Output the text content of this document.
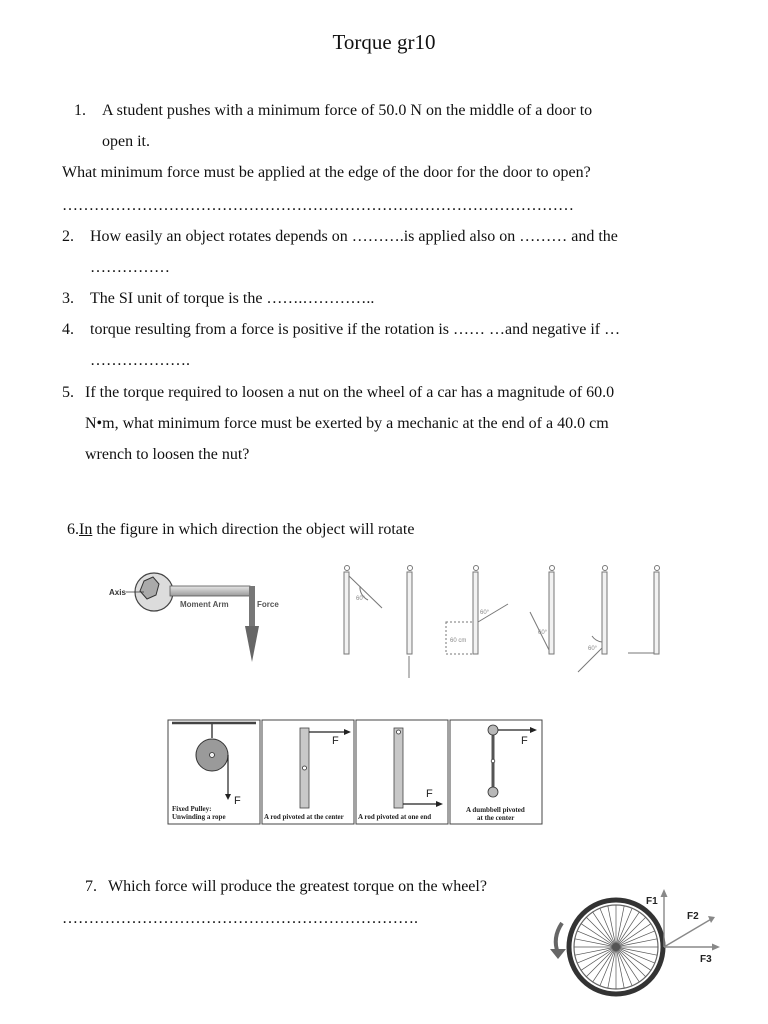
Torque gr10
1. A student pushes with a minimum force of 50.0 N on the middle of a door to
open it.
What minimum force must be applied at the edge of the door for the door to open?
……………………………………………………………………………………
2. How easily an object rotates depends on ……….is applied also on ……… and the
……………
3. The SI unit of torque is the …….…………..
4. torque resulting from a force is positive if the rotation is …… …and negative if …
……………….
5. If the torque required to loosen a nut on the wheel of a car has a magnitude of 60.0
N•m, what minimum force must be exerted by a mechanic at the end of a 40.0 cm
wrench to loosen the nut?
6.In the figure in which direction the object will rotate
Axis
Moment Arm	Force
60°
60°
60 cm
60°
60°
F
Fixed Pulley:
Unwinding a rope
F
A rod pivoted at the center
F
A rod pivoted at one end
F
A dumbbell pivoted
at the center
7. Which force will produce the greatest torque on the wheel?
………………………………………………………….
F1
F2
F3
